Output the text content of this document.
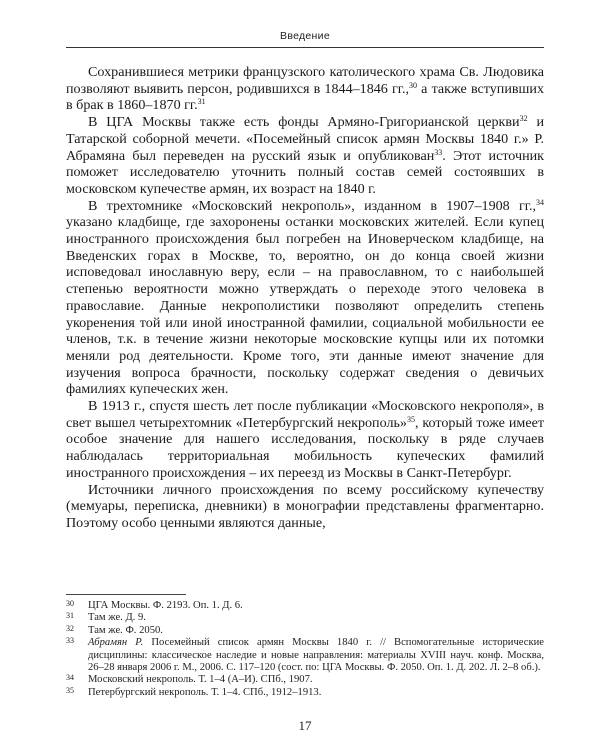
Введение

Сохранившиеся метрики французского католического храма Св. Людовика позволяют выявить персон, родившихся в 1844–1846 гг.,$^{30}$ а также вступивших в брак в 1860–1870 гг.$^{31}$

В ЦГА Москвы также есть фонды Армяно-Григорианской церкви$^{32}$ и Татарской соборной мечети. «Посемейный список армян Москвы 1840 г.» Р. Абрамяна был переведен на русский язык и опубликован$^{33}$. Этот источник поможет исследователю уточнить полный состав семей состоявших в московском купечестве армян, их возраст на 1840 г.

В трехтомнике «Московский некрополь», изданном в 1907–1908 гг.,$^{34}$ указано кладбище, где захоронены останки московских жителей. Если купец иностранного происхождения был погребен на Иноверческом кладбище, на Введенских горах в Москве, то, вероятно, он до конца своей жизни исповедовал инославную веру, если – на православном, то с наибольшей степенью вероятности можно утверждать о переходе этого человека в православие. Данные некрополистики позволяют определить степень укоренения той или иной иностранной фамилии, социальной мобильности ее членов, т.к. в течение жизни некоторые московские купцы или их потомки меняли род деятельности. Кроме того, эти данные имеют значение для изучения вопроса брачности, поскольку содержат сведения о девичьих фамилиях купеческих жен.

В 1913 г., спустя шесть лет после публикации «Московского некрополя», в свет вышел четырехтомник «Петербургский некрополь»$^{35}$, который тоже имеет особое значение для нашего исследования, поскольку в ряде случаев наблюдалась территориальная мобильность купеческих фамилий иностранного происхождения – их переезд из Москвы в Санкт-Петербург.

Источники личного происхождения по всему российскому купечеству (мемуары, переписка, дневники) в монографии представлены фрагментарно. Поэтому особо ценными являются данные,

30 ЦГА Москвы. Ф. 2193. Оп. 1. Д. 6.
31 Там же. Д. 9.
32 Там же. Ф. 2050.
33 Абрамян Р. Посемейный список армян Москвы 1840 г. // Вспомогательные исторические дисциплины: классическое наследие и новые направления: материалы XVIII науч. конф. Москва, 26–28 января 2006 г. М., 2006. С. 117–120 (сост. по: ЦГА Москвы. Ф. 2050. Оп. 1. Д. 202. Л. 2–8 об.).
34 Московский некрополь. Т. 1–4 (А–И). СПб., 1907.
35 Петербургский некрополь. Т. 1–4. СПб., 1912–1913.
17
